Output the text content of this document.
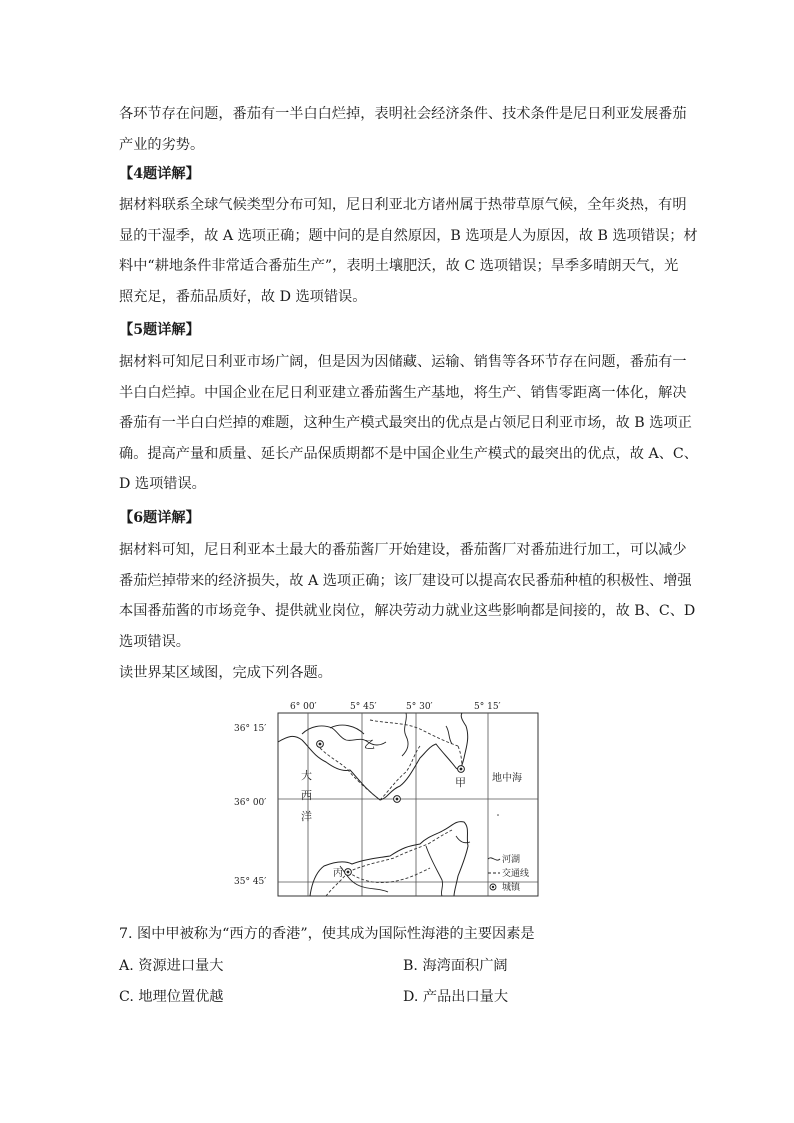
各环节存在问题，番茄有一半白白烂掉，表明社会经济条件、技术条件是尼日利亚发展番茄
产业的劣势。
【4题详解】
据材料联系全球气候类型分布可知，尼日利亚北方诸州属于热带草原气候，全年炎热，有明
显的干湿季，故 A 选项正确；题中问的是自然原因，B 选项是人为原因，故 B 选项错误；材
料中“耕地条件非常适合番茄生产”，表明土壤肥沃，故 C 选项错误；旱季多晴朗天气，光
照充足，番茄品质好，故 D 选项错误。
【5题详解】
据材料可知尼日利亚市场广阔，但是因为因储藏、运输、销售等各环节存在问题，番茄有一
半白白烂掉。中国企业在尼日利亚建立番茄酱生产基地，将生产、销售零距离一体化，解决
番茄有一半白白烂掉的难题，这种生产模式最突出的优点是占领尼日利亚市场，故 B 选项正
确。提高产量和质量、延长产品保质期都不是中国企业生产模式的最突出的优点，故 A、C、
D 选项错误。
【6题详解】
据材料可知，尼日利亚本土最大的番茄酱厂开始建设，番茄酱厂对番茄进行加工，可以减少
番茄烂掉带来的经济损失，故 A 选项正确；该厂建设可以提高农民番茄种植的积极性、增强
本国番茄酱的市场竞争、提供就业岗位，解决劳动力就业这些影响都是间接的，故 B、C、D
选项错误。
读世界某区域图，完成下列各题。
6° 00′	5° 45′	5° 30′	5° 15′
36° 15′
36° 00′
35° 45′
乙
甲
丙
大
西
洋
地中海
河湖
交通线
城镇
7. 图中甲被称为“西方的香港”，使其成为国际性海港的主要因素是
A. 资源进口量大	B. 海湾面积广阔
C. 地理位置优越	D. 产品出口量大
